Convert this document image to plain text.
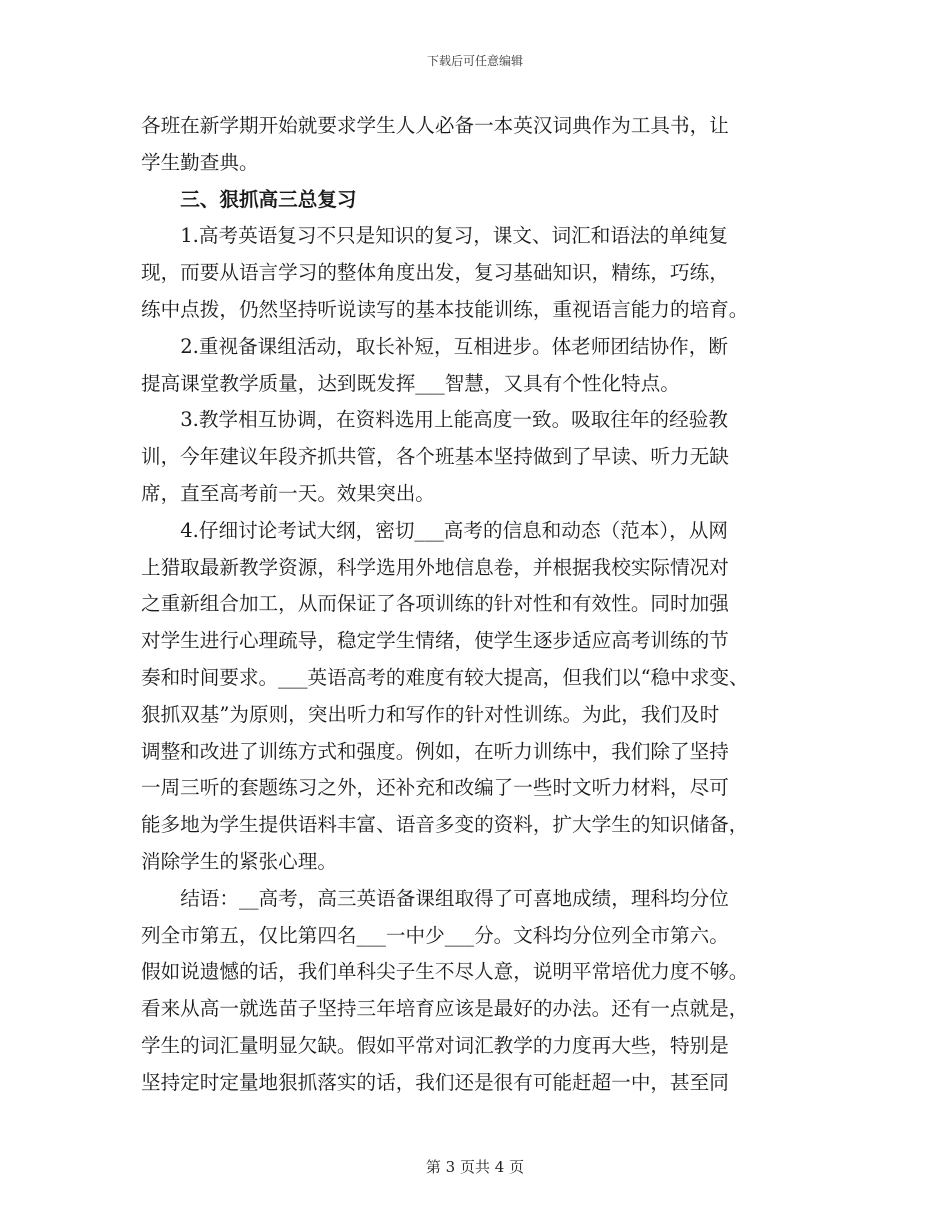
下载后可任意编辑

各班在新学期开始就要求学生人人必备一本英汉词典作为工具书，让
学生勤查典。

三、狠抓高三总复习

1.高考英语复习不只是知识的复习，课文、词汇和语法的单纯复
现，而要从语言学习的整体角度出发，复习基础知识，精练，巧练，
练中点拨，仍然坚持听说读写的基本技能训练，重视语言能力的培育。

2.重视备课组活动，取长补短，互相进步。体老师团结协作，断
提高课堂教学质量，达到既发挥___智慧，又具有个性化特点。

3.教学相互协调，在资料选用上能高度一致。吸取往年的经验教
训，今年建议年段齐抓共管，各个班基本坚持做到了早读、听力无缺
席，直至高考前一天。效果突出。

4.仔细讨论考试大纲，密切___高考的信息和动态（范本），从网
上猎取最新教学资源，科学选用外地信息卷，并根据我校实际情况对
之重新组合加工，从而保证了各项训练的针对性和有效性。同时加强
对学生进行心理疏导，稳定学生情绪，使学生逐步适应高考训练的节
奏和时间要求。___英语高考的难度有较大提高，但我们以“稳中求变、
狠抓双基”为原则，突出听力和写作的针对性训练。为此，我们及时
调整和改进了训练方式和强度。例如，在听力训练中，我们除了坚持
一周三听的套题练习之外，还补充和改编了一些时文听力材料，尽可
能多地为学生提供语料丰富、语音多变的资料，扩大学生的知识储备，
消除学生的紧张心理。

结语：__高考，高三英语备课组取得了可喜地成绩，理科均分位
列全市第五，仅比第四名___一中少___分。文科均分位列全市第六。
假如说遗憾的话，我们单科尖子生不尽人意，说明平常培优力度不够。
看来从高一就选苗子坚持三年培育应该是最好的办法。还有一点就是，
学生的词汇量明显欠缺。假如平常对词汇教学的力度再大些，特别是
坚持定时定量地狠抓落实的话，我们还是很有可能赶超一中，甚至同

第 3 页共 4 页
